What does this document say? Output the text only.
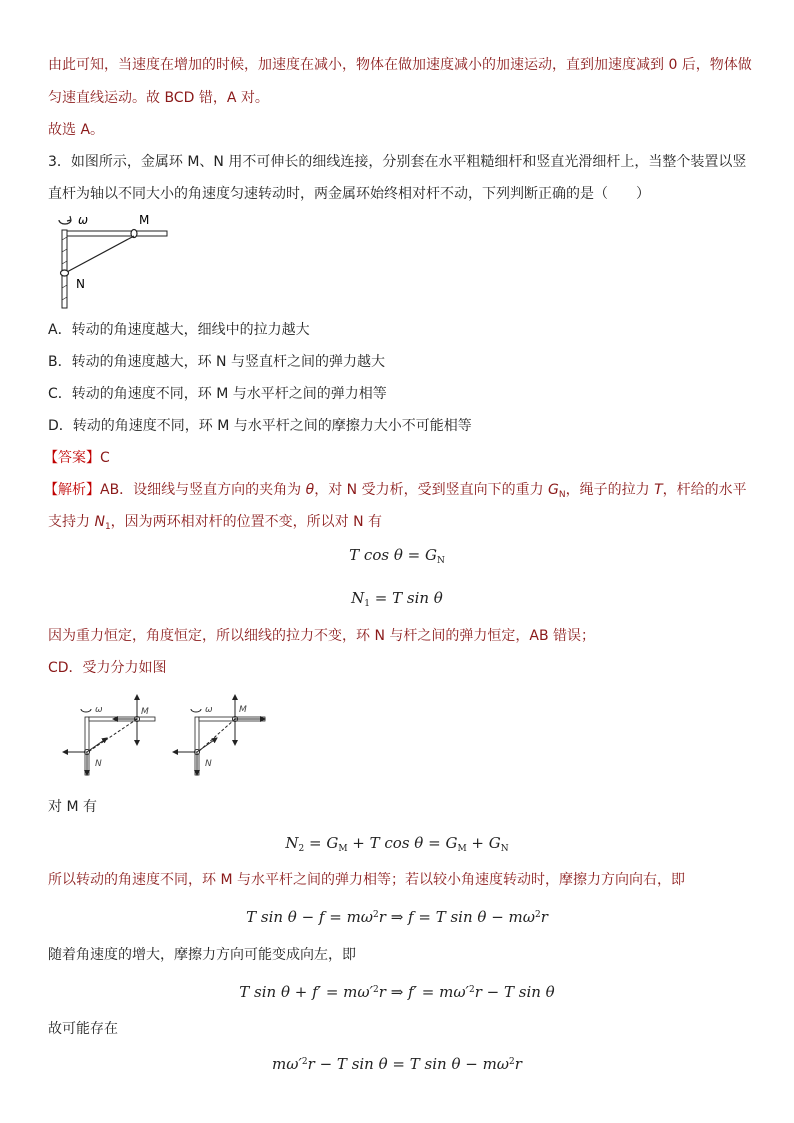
由此可知，当速度在增加的时候，加速度在减小，物体在做加速度减小的加速运动，直到加速度减到 0 后，物体做
匀速直线运动。故 BCD 错，A 对。
故选 A。
3．如图所示，金属环 M、N 用不可伸长的细线连接，分别套在水平粗糙细杆和竖直光滑细杆上，当整个装置以竖
直杆为轴以不同大小的角速度匀速转动时，两金属环始终相对杆不动，下列判断正确的是（　　）
ω	M
N
A．转动的角速度越大，细线中的拉力越大
B．转动的角速度越大，环 N 与竖直杆之间的弹力越大
C．转动的角速度不同，环 M 与水平杆之间的弹力相等
D．转动的角速度不同，环 M 与水平杆之间的摩擦力大小不可能相等
【答案】C
【解析】AB．设细线与竖直方向的夹角为 θ，对 N 受力析，受到竖直向下的重力 $G_N$，绳子的拉力 T，杆给的水平
支持力 $N_1$，因为两环相对杆的位置不变，所以对 N 有
T $\cos \theta = G_N$
$N_1 = T$ sin θ
因为重力恒定，角度恒定，所以细线的拉力不变，环 N 与杆之间的弹力恒定，AB 错误；
CD．受力分力如图
ω	M
N
ω	M
N
对 M 有
$N_2 = G_M + T$ $\cos \theta = G_M + G_N$
所以转动的角速度不同，环 M 与水平杆之间的弹力相等；若以较小角速度转动时，摩擦力方向向右，即
T $\sin \theta - f = m\omega^2r$ ⇒ f = T $\sin \theta - m\omega^2r$
随着角速度的增大，摩擦力方向可能变成向左，即
T $\sin \theta + f' = m\omega'^2r$ ⇒ $f' = m\omega'^2r - T$ sin θ
故可能存在
$m\omega'^2r - T$ sin θ = T $\sin \theta - m\omega^2r$
